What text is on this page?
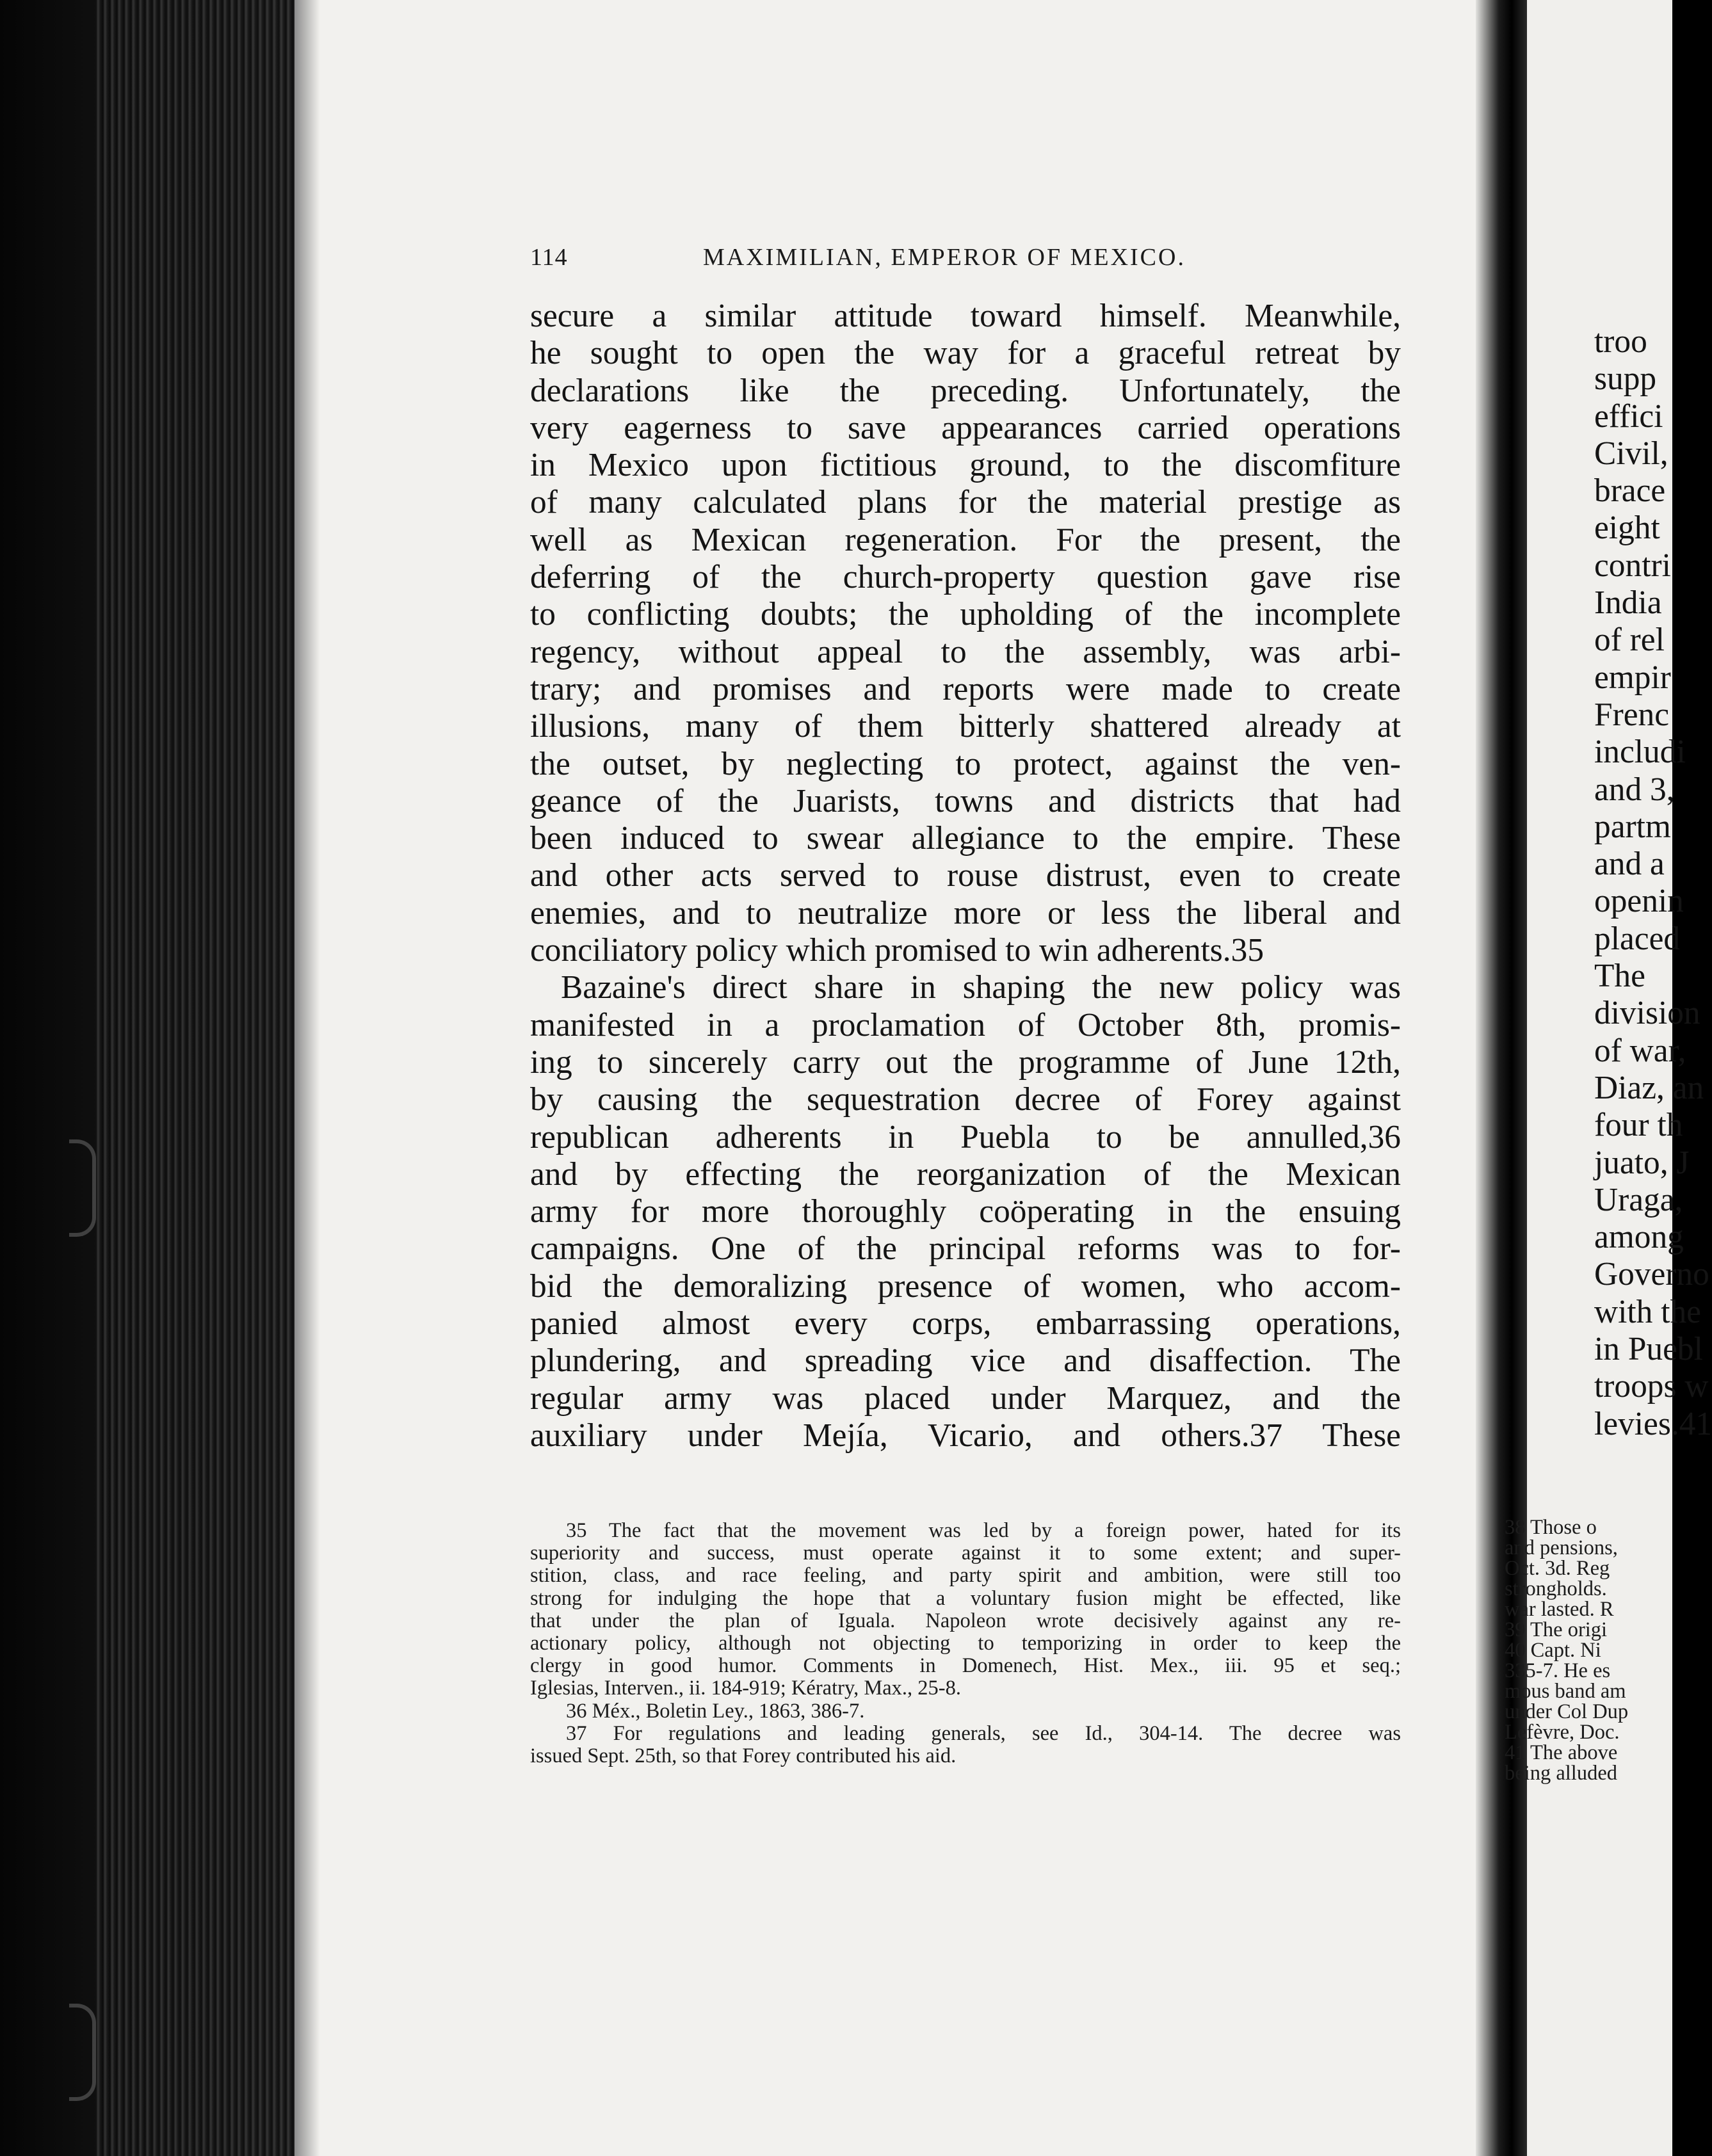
114	MAXIMILIAN, EMPEROR OF MEXICO.
secure a similar attitude toward himself. Meanwhile,
he sought to open the way for a graceful retreat by
declarations like the preceding. Unfortunately, the
very eagerness to save appearances carried operations
in Mexico upon fictitious ground, to the discomfiture
of many calculated plans for the material prestige as
well as Mexican regeneration. For the present, the
deferring of the church-property question gave rise
to conflicting doubts; the upholding of the incomplete
regency, without appeal to the assembly, was arbi-
trary; and promises and reports were made to create
illusions, many of them bitterly shattered already at
the outset, by neglecting to protect, against the ven-
geance of the Juarists, towns and districts that had
been induced to swear allegiance to the empire. These
and other acts served to rouse distrust, even to create
enemies, and to neutralize more or less the liberal and
conciliatory policy which promised to win adherents.35
Bazaine's direct share in shaping the new policy was
manifested in a proclamation of October 8th, promis-
ing to sincerely carry out the programme of June 12th,
by causing the sequestration decree of Forey against
republican adherents in Puebla to be annulled,36
and by effecting the reorganization of the Mexican
army for more thoroughly coöperating in the ensuing
campaigns. One of the principal reforms was to for-
bid the demoralizing presence of women, who accom-
panied almost every corps, embarrassing operations,
plundering, and spreading vice and disaffection. The
regular army was placed under Marquez, and the
auxiliary under Mejía, Vicario, and others.37 These
35 The fact that the movement was led by a foreign power, hated for its
superiority and success, must operate against it to some extent; and super-
stition, class, and race feeling, and party spirit and ambition, were still too
strong for indulging the hope that a voluntary fusion might be effected, like
that under the plan of Iguala. Napoleon wrote decisively against any re-
actionary policy, although not objecting to temporizing in order to keep the
clergy in good humor. Comments in Domenech, Hist. Mex., iii. 95 et seq.;
Iglesias, Interven., ii. 184-919; Kératry, Max., 25-8.
36 Méx., Boletin Ley., 1863, 386-7.
37 For regulations and leading generals, see Id., 304-14. The decree was
issued Sept. 25th, so that Forey contributed his aid.
troo
supp
effici
Civil,
brace
eight
contri
India
of rel
empir
Frenc
includi
and 3,
partm
and a
openin
placed
The
division
of war,
Diaz, an
four th
juato, J
Uraga,
among
Governo
with the
in Puebl
troops w
levies.41
38 Those o
and pensions,
Oct. 3d. Reg
strongholds.
war lasted. R
39 The origi
40 Capt. Ni
335-7. He es
mous band am
under Col Dup
Lefèvre, Doc.
41 The above
being alluded
